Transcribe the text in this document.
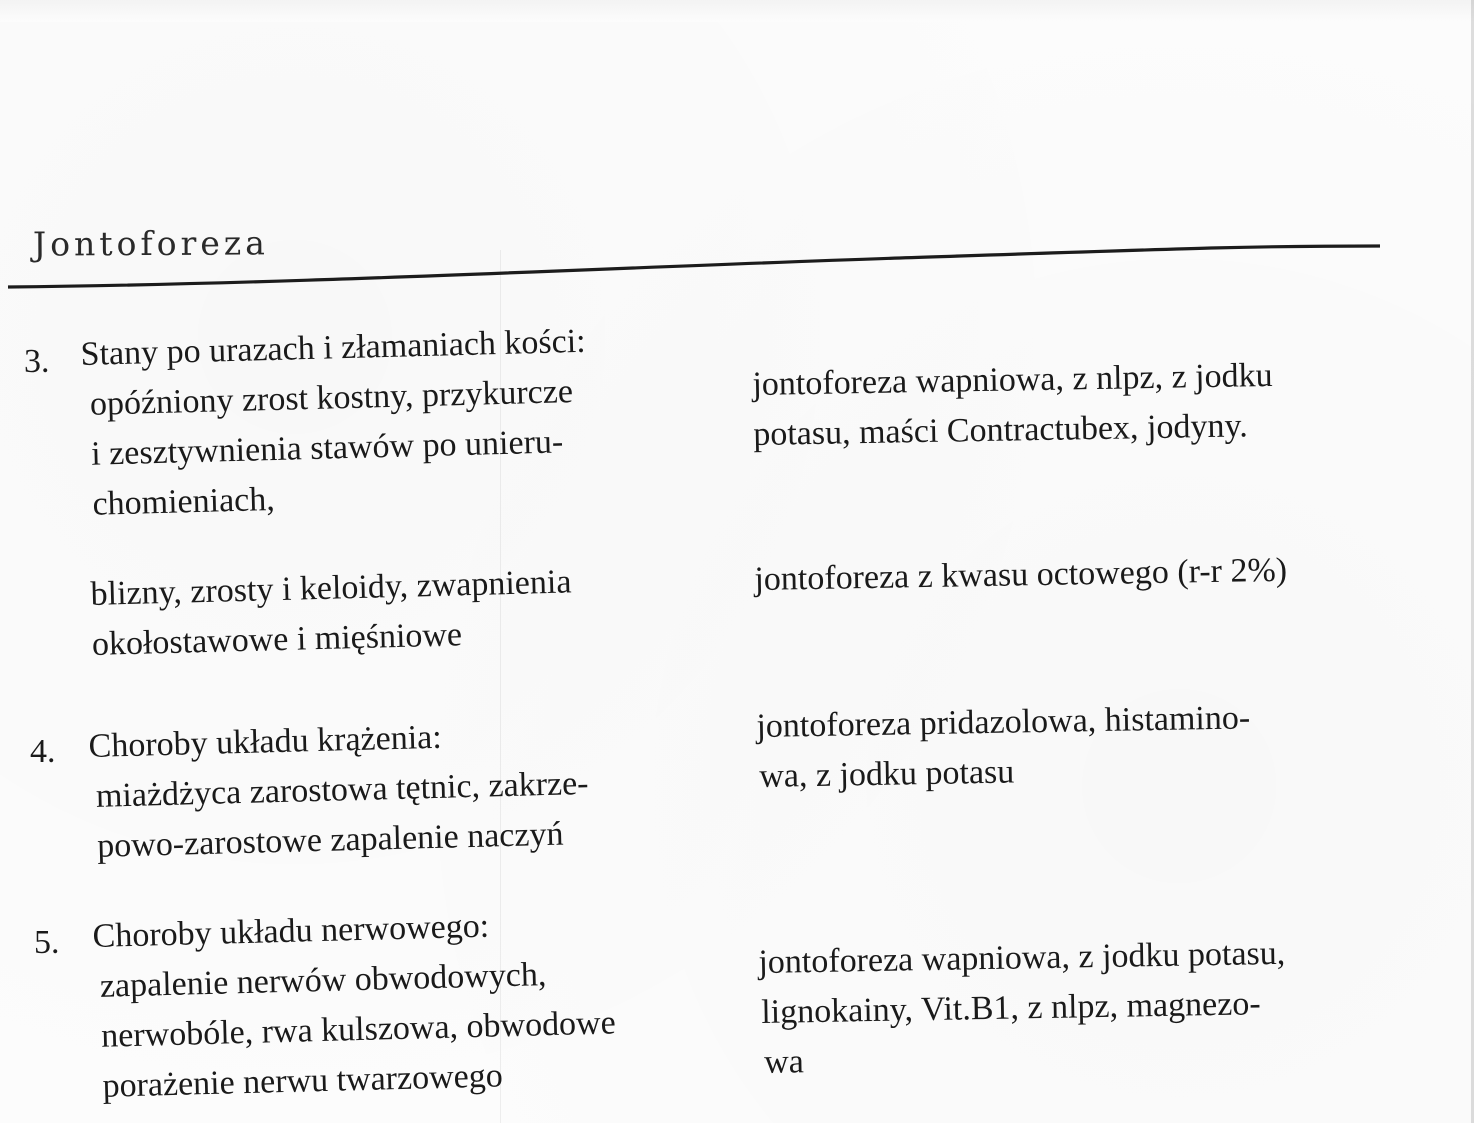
Jontoforeza
3. Stany po urazach i złamaniach kości:
opóźniony zrost kostny, przykurcze
i zesztywnienia stawów po unieru-
chomieniach,
jontoforeza wapniowa, z nlpz, z jodku
potasu, maści Contractubex, jodyny.
blizny, zrosty i keloidy, zwapnienia
okołostawowe i mięśniowe
jontoforeza z kwasu octowego (r-r 2%)
4. Choroby układu krążenia:
miażdżyca zarostowa tętnic, zakrze-
powo-zarostowe zapalenie naczyń
jontoforeza pridazolowa, histamino-
wa, z jodku potasu
5. Choroby układu nerwowego:
zapalenie nerwów obwodowych,
nerwobóle, rwa kulszowa, obwodowe
porażenie nerwu twarzowego
jontoforeza wapniowa, z jodku potasu,
lignokainy, Vit.B1, z nlpz, magnezo-
wa
